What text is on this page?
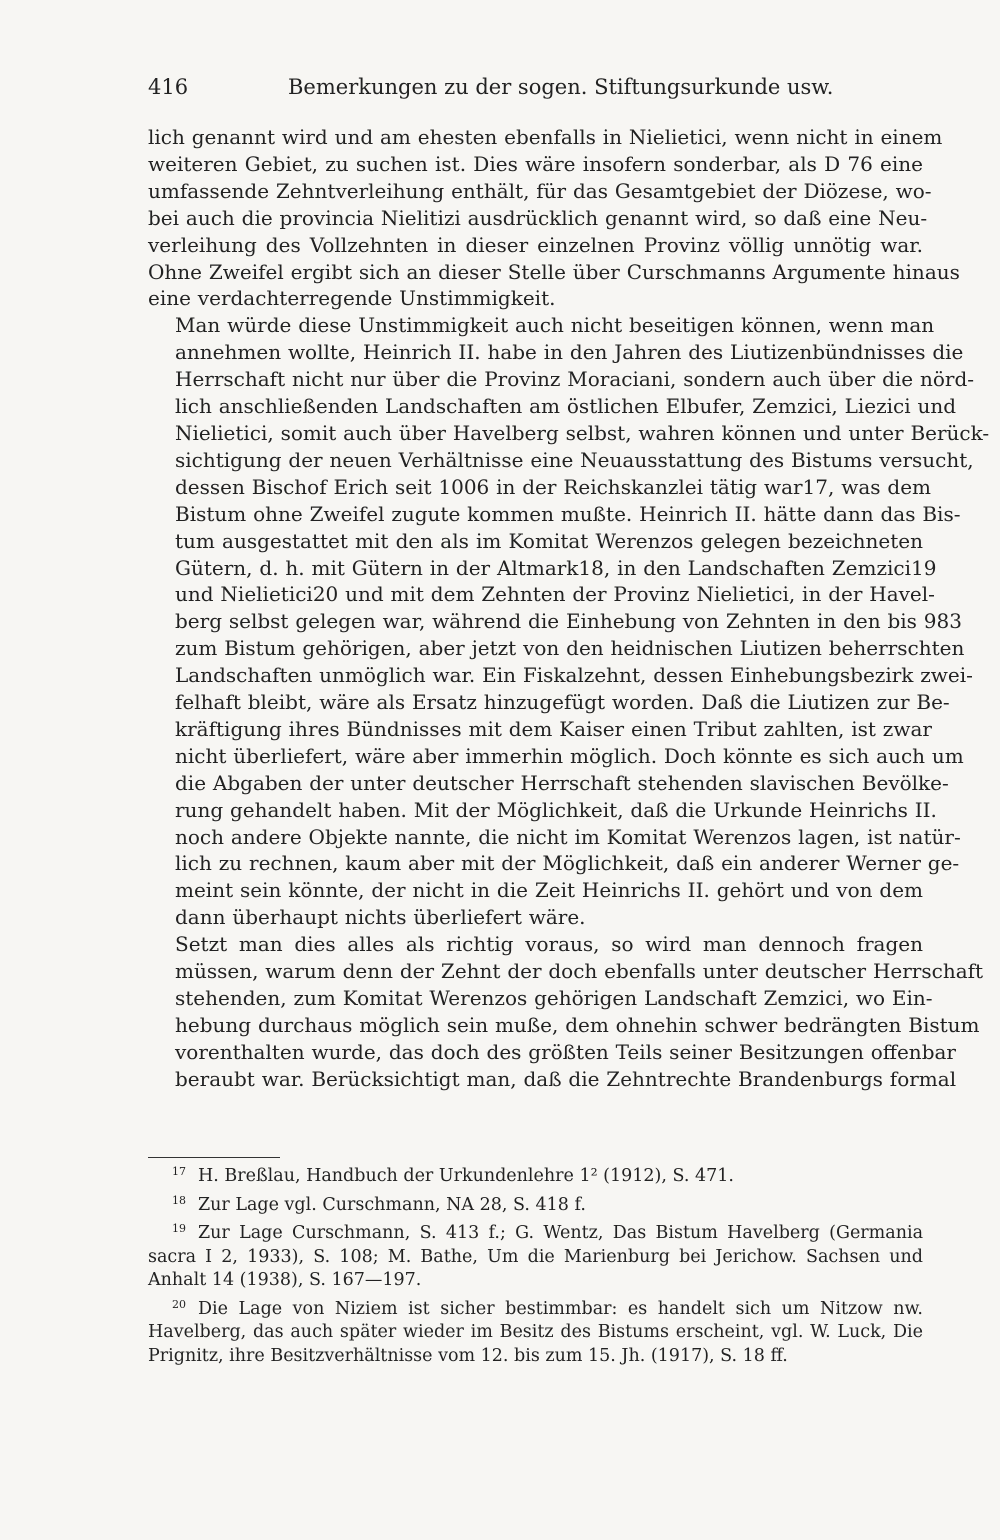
416	Bemerkungen zu der sogen. Stiftungsurkunde usw.

lich genannt wird und am ehesten ebenfalls in Nielietici, wenn nicht in einem
weiteren Gebiet, zu suchen ist. Dies wäre insofern sonderbar, als D 76 eine
umfassende Zehntverleihung enthält, für das Gesamtgebiet der Diözese, wo-
bei auch die provincia Nielitizi ausdrücklich genannt wird, so daß eine Neu-
verleihung des Vollzehnten in dieser einzelnen Provinz völlig unnötig war.
Ohne Zweifel ergibt sich an dieser Stelle über Curschmanns Argumente hinaus
eine verdachterregende Unstimmigkeit.

Man würde diese Unstimmigkeit auch nicht beseitigen können, wenn man
annehmen wollte, Heinrich II. habe in den Jahren des Liutizenbündnisses die
Herrschaft nicht nur über die Provinz Moraciani, sondern auch über die nörd-
lich anschließenden Landschaften am östlichen Elbufer, Zemzici, Liezici und
Nielietici, somit auch über Havelberg selbst, wahren können und unter Berück-
sichtigung der neuen Verhältnisse eine Neuausstattung des Bistums versucht,
dessen Bischof Erich seit 1006 in der Reichskanzlei tätig war17, was dem
Bistum ohne Zweifel zugute kommen mußte. Heinrich II. hätte dann das Bis-
tum ausgestattet mit den als im Komitat Werenzos gelegen bezeichneten
Gütern, d. h. mit Gütern in der Altmark18, in den Landschaften Zemzici19
und Nielietici20 und mit dem Zehnten der Provinz Nielietici, in der Havel-
berg selbst gelegen war, während die Einhebung von Zehnten in den bis 983
zum Bistum gehörigen, aber jetzt von den heidnischen Liutizen beherrschten
Landschaften unmöglich war. Ein Fiskalzehnt, dessen Einhebungsbezirk zwei-
felhaft bleibt, wäre als Ersatz hinzugefügt worden. Daß die Liutizen zur Be-
kräftigung ihres Bündnisses mit dem Kaiser einen Tribut zahlten, ist zwar
nicht überliefert, wäre aber immerhin möglich. Doch könnte es sich auch um
die Abgaben der unter deutscher Herrschaft stehenden slavischen Bevölke-
rung gehandelt haben. Mit der Möglichkeit, daß die Urkunde Heinrichs II.
noch andere Objekte nannte, die nicht im Komitat Werenzos lagen, ist natür-
lich zu rechnen, kaum aber mit der Möglichkeit, daß ein anderer Werner ge-
meint sein könnte, der nicht in die Zeit Heinrichs II. gehört und von dem
dann überhaupt nichts überliefert wäre.

Setzt man dies alles als richtig voraus, so wird man dennoch fragen
müssen, warum denn der Zehnt der doch ebenfalls unter deutscher Herrschaft
stehenden, zum Komitat Werenzos gehörigen Landschaft Zemzici, wo Ein-
hebung durchaus möglich sein muße, dem ohnehin schwer bedrängten Bistum
vorenthalten wurde, das doch des größten Teils seiner Besitzungen offenbar
beraubt war. Berücksichtigt man, daß die Zehntrechte Brandenburgs formal

17 H. Breßlau, Handbuch der Urkundenlehre 1² (1912), S. 471.

18 Zur Lage vgl. Curschmann, NA 28, S. 418 f.

19 Zur Lage Curschmann, S. 413 f.; G. Wentz, Das Bistum Havelberg (Germania sacra I 2, 1933), S. 108; M. Bathe, Um die Marienburg bei Jerichow. Sachsen und Anhalt 14 (1938), S. 167—197.

20 Die Lage von Niziem ist sicher bestimmbar: es handelt sich um Nitzow nw. Havelberg, das auch später wieder im Besitz des Bistums erscheint, vgl. W. Luck, Die Prignitz, ihre Besitzverhältnisse vom 12. bis zum 15. Jh. (1917), S. 18 ff.
